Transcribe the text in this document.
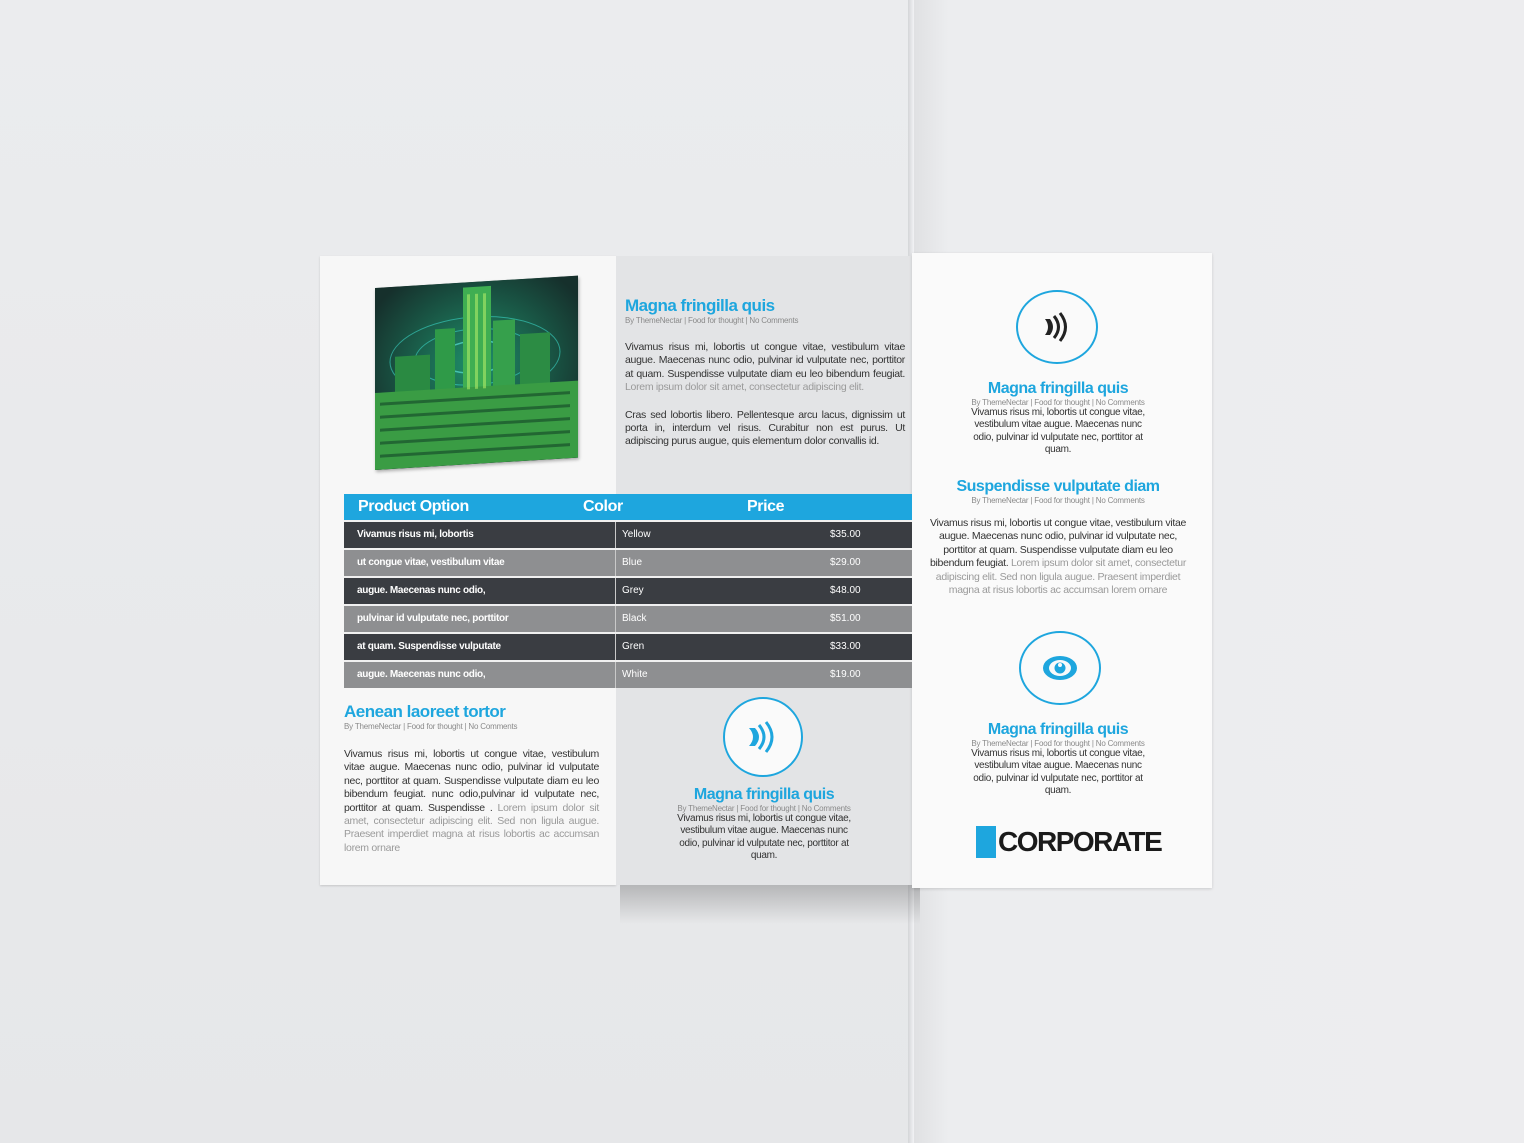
Magna fringilla quis
By ThemeNectar | Food for thought | No Comments
Vivamus risus mi, lobortis ut congue vitae, vestibulum vitae augue. Maecenas nunc odio, pulvinar id vulputate nec, porttitor at quam. Suspendisse vulputate diam eu leo bibendum feugiat. Lorem ipsum dolor sit amet, consectetur adipiscing elit.
Cras sed lobortis libero. Pellentesque arcu lacus, dignissim ut porta in, interdum vel risus. Curabitur non est purus. Ut adipiscing purus augue, quis elementum dolor convallis id.
Product Option	Color	Price
Vivamus risus mi, lobortis	Yellow	$35.00
ut congue vitae, vestibulum vitae	Blue	$29.00
augue. Maecenas nunc odio,	Grey	$48.00
pulvinar id vulputate nec, porttitor	Black	$51.00
at quam. Suspendisse vulputate	Gren	$33.00
augue. Maecenas nunc odio,	White	$19.00
Aenean laoreet tortor
By ThemeNectar | Food for thought | No Comments
Vivamus risus mi, lobortis ut congue vitae, vestibulum vitae augue. Maecenas nunc odio, pulvinar id vulputate nec, porttitor at quam. Suspendisse vulputate diam eu leo bibendum feugiat. nunc odio,pulvinar id vulputate nec, porttitor at quam. Suspendisse . Lorem ipsum dolor sit amet, consectetur adipiscing elit. Sed non ligula augue. Praesent imperdiet magna at risus lobortis ac accumsan lorem ornare
Magna fringilla quis
By ThemeNectar | Food for thought | No Comments
Vivamus risus mi, lobortis ut congue vitae, vestibulum vitae augue. Maecenas nunc odio, pulvinar id vulputate nec, porttitor at quam.
Magna fringilla quis
By ThemeNectar | Food for thought | No Comments
Vivamus risus mi, lobortis ut congue vitae, vestibulum vitae augue. Maecenas nunc odio, pulvinar id vulputate nec, porttitor at quam.
Suspendisse vulputate diam
By ThemeNectar | Food for thought | No Comments
Vivamus risus mi, lobortis ut congue vitae, vestibulum vitae augue. Maecenas nunc odio, pulvinar id vulputate nec, porttitor at quam. Suspendisse vulputate diam eu leo bibendum feugiat. Lorem ipsum dolor sit amet, consectetur adipiscing elit. Sed non ligula augue. Praesent imperdiet magna at risus lobortis ac accumsan lorem ornare
Magna fringilla quis
By ThemeNectar | Food for thought | No Comments
Vivamus risus mi, lobortis ut congue vitae, vestibulum vitae augue. Maecenas nunc odio, pulvinar id vulputate nec, porttitor at quam.
CORPORATE
